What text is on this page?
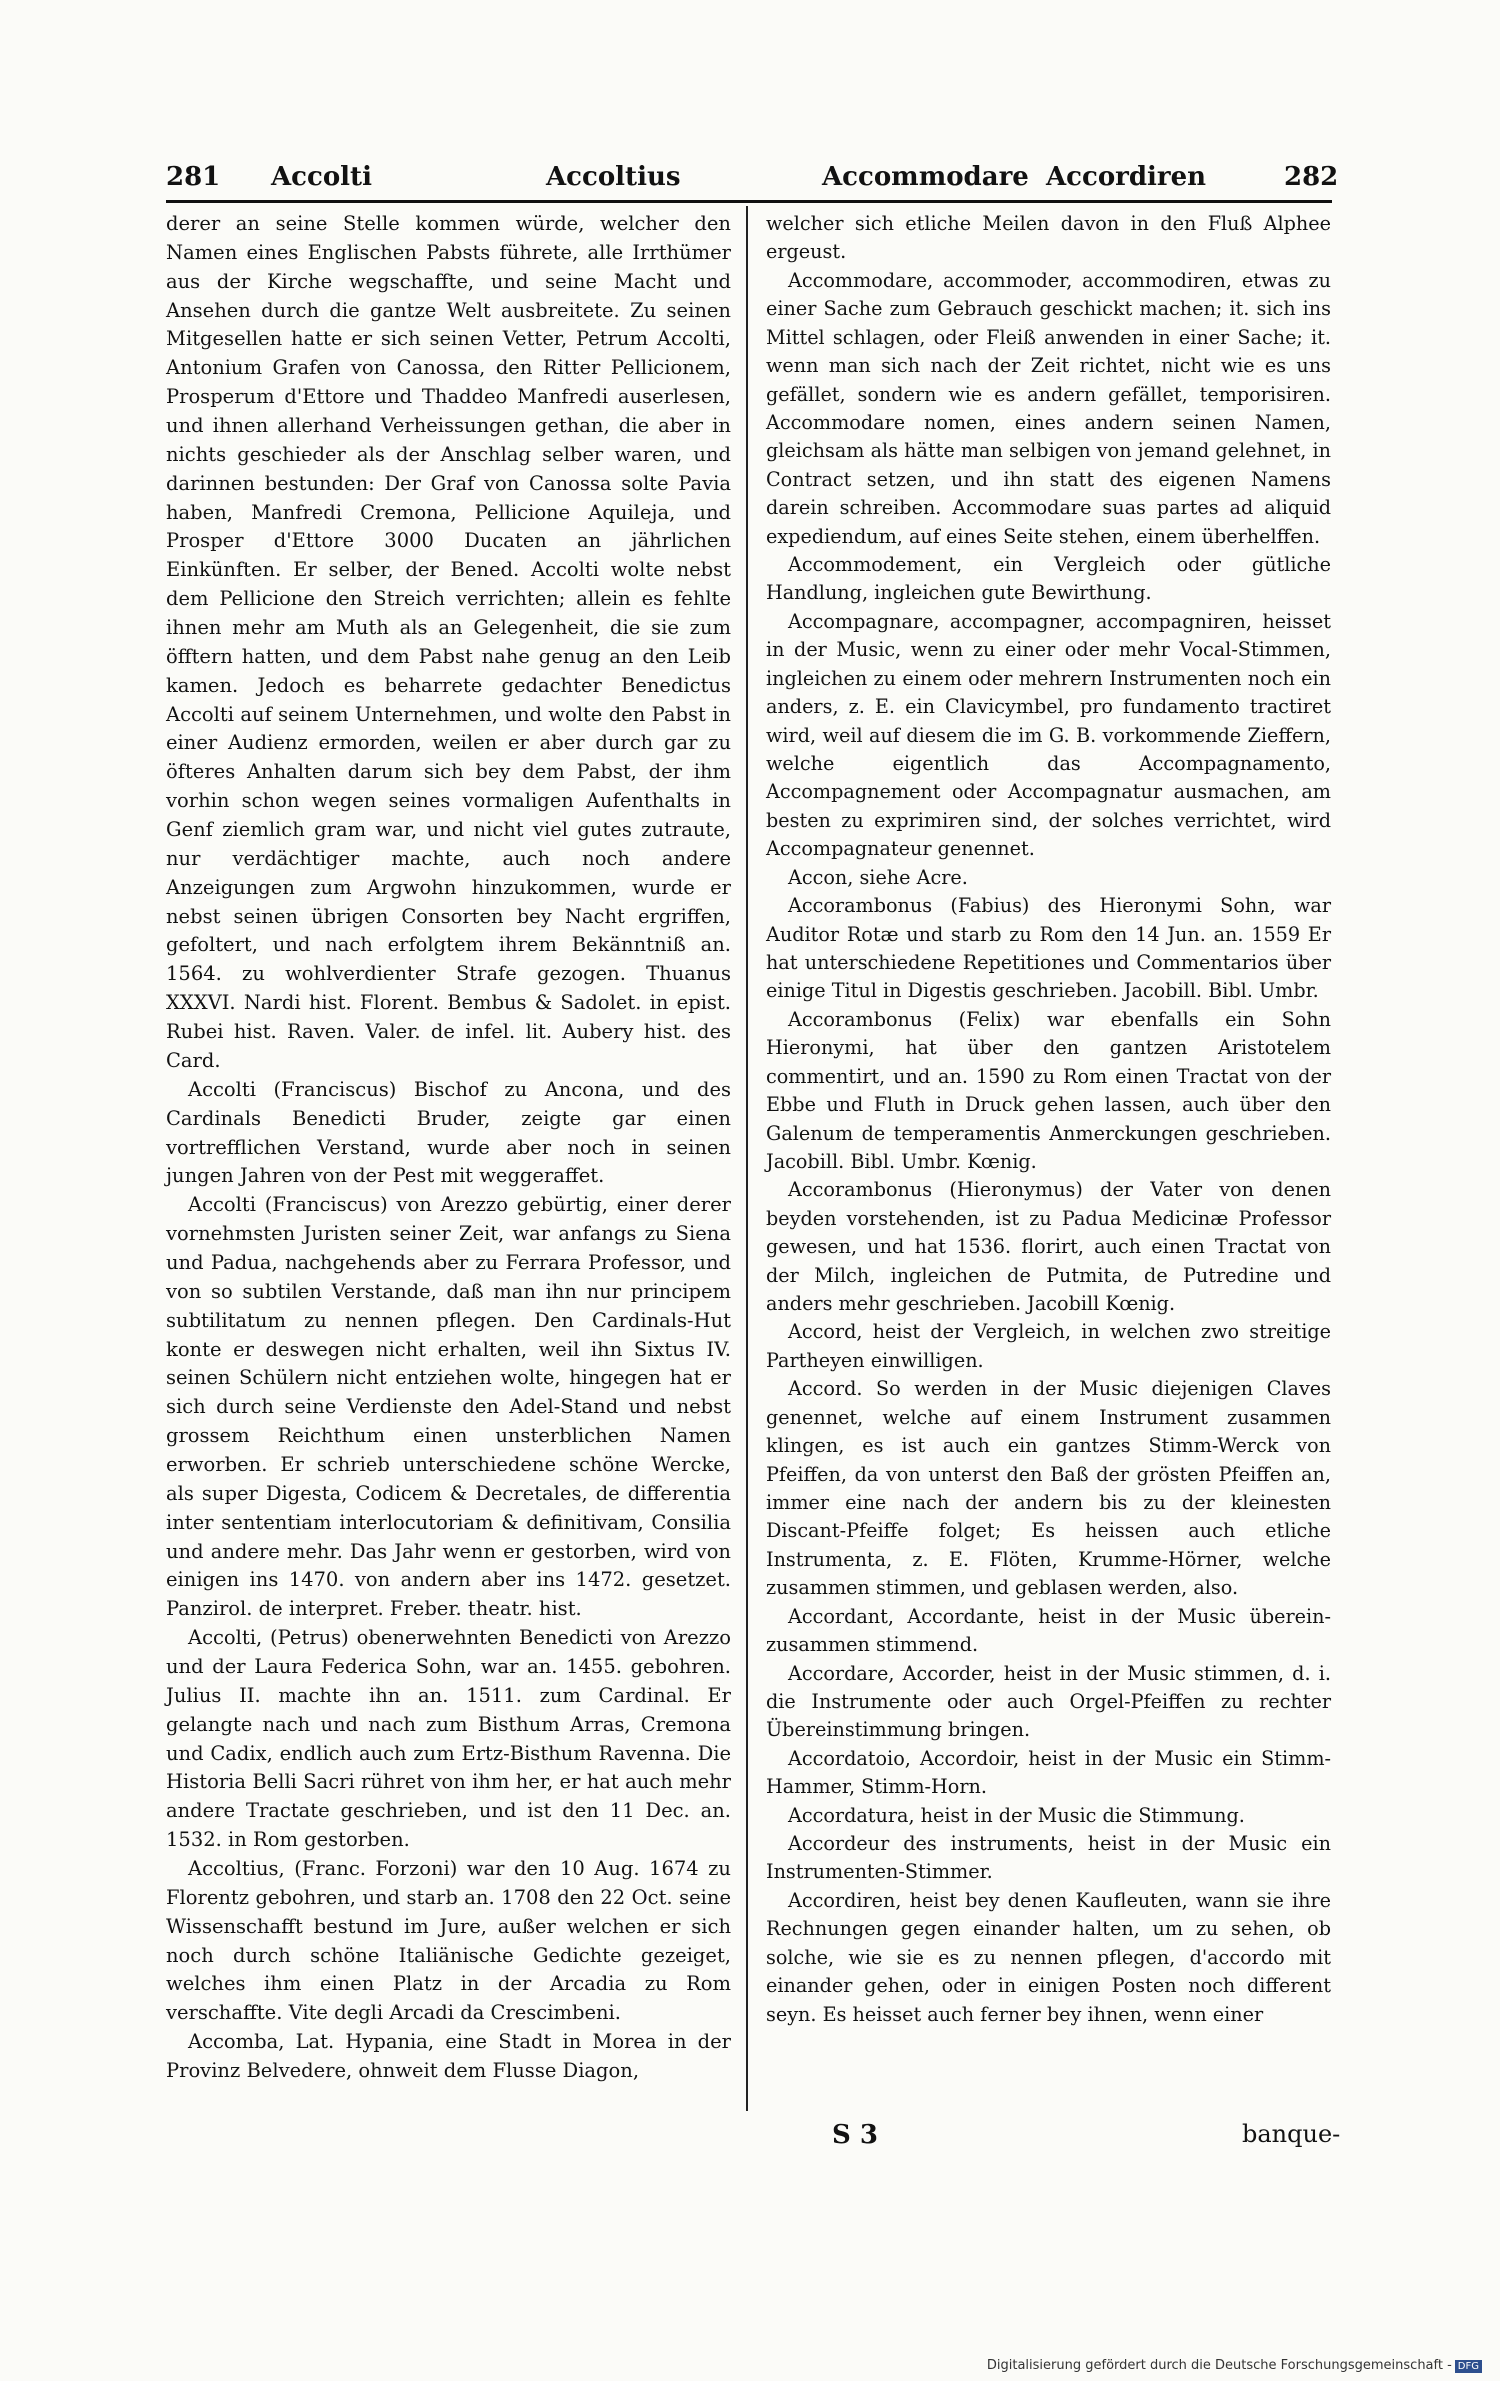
281 Accolti	Accoltius	Accommodare Accordiren	282

derer an seine Stelle kommen würde, welcher den Namen eines Englischen Pabsts führete, alle Irrthümer aus der Kirche wegschaffte, und seine Macht und Ansehen durch die gantze Welt ausbreitete. Zu seinen Mitgesellen hatte er sich seinen Vetter, Petrum Accolti, Antonium Grafen von Canossa, den Ritter Pellicionem, Prosperum d'Ettore und Thaddeo Manfredi auserlesen, und ihnen allerhand Verheissungen gethan, die aber in nichts geschieder als der Anschlag selber waren, und darinnen bestunden: Der Graf von Canossa solte Pavia haben, Manfredi Cremona, Pellicione Aquileja, und Prosper d'Ettore 3000 Ducaten an jährlichen Einkünften. Er selber, der Bened. Accolti wolte nebst dem Pellicione den Streich verrichten; allein es fehlte ihnen mehr am Muth als an Gelegenheit, die sie zum öfftern hatten, und dem Pabst nahe genug an den Leib kamen. Jedoch es beharrete gedachter Benedictus Accolti auf seinem Unternehmen, und wolte den Pabst in einer Audienz ermorden, weilen er aber durch gar zu öfteres Anhalten darum sich bey dem Pabst, der ihm vorhin schon wegen seines vormaligen Aufenthalts in Genf ziemlich gram war, und nicht viel gutes zutraute, nur verdächtiger machte, auch noch andere Anzeigungen zum Argwohn hinzukommen, wurde er nebst seinen übrigen Consorten bey Nacht ergriffen, gefoltert, und nach erfolgtem ihrem Bekänntniß an. 1564. zu wohlverdienter Strafe gezogen. Thuanus XXXVI. Nardi hist. Florent. Bembus & Sadolet. in epist. Rubei hist. Raven. Valer. de infel. lit. Aubery hist. des Card.

Accolti (Franciscus) Bischof zu Ancona, und des Cardinals Benedicti Bruder, zeigte gar einen vortrefflichen Verstand, wurde aber noch in seinen jungen Jahren von der Pest mit weggeraffet.

Accolti (Franciscus) von Arezzo gebürtig, einer derer vornehmsten Juristen seiner Zeit, war anfangs zu Siena und Padua, nachgehends aber zu Ferrara Professor, und von so subtilen Verstande, daß man ihn nur principem subtilitatum zu nennen pflegen. Den Cardinals-Hut konte er deswegen nicht erhalten, weil ihn Sixtus IV. seinen Schülern nicht entziehen wolte, hingegen hat er sich durch seine Verdienste den Adel-Stand und nebst grossem Reichthum einen unsterblichen Namen erworben. Er schrieb unterschiedene schöne Wercke, als super Digesta, Codicem & Decretales, de differentia inter sententiam interlocutoriam & definitivam, Consilia und andere mehr. Das Jahr wenn er gestorben, wird von einigen ins 1470. von andern aber ins 1472. gesetzet. Panzirol. de interpret. Freber. theatr. hist.

Accolti, (Petrus) obenerwehnten Benedicti von Arezzo und der Laura Federica Sohn, war an. 1455. gebohren. Julius II. machte ihn an. 1511. zum Cardinal. Er gelangte nach und nach zum Bisthum Arras, Cremona und Cadix, endlich auch zum Ertz-Bisthum Ravenna. Die Historia Belli Sacri rühret von ihm her, er hat auch mehr andere Tractate geschrieben, und ist den 11 Dec. an. 1532. in Rom gestorben.

Accoltius, (Franc. Forzoni) war den 10 Aug. 1674 zu Florentz gebohren, und starb an. 1708 den 22 Oct. seine Wissenschafft bestund im Jure, außer welchen er sich noch durch schöne Italiänische Gedichte gezeiget, welches ihm einen Platz in der Arcadia zu Rom verschaffte. Vite degli Arcadi da Crescimbeni.

Accomba, Lat. Hypania, eine Stadt in Morea in der Provinz Belvedere, ohnweit dem Flusse Diagon,

welcher sich etliche Meilen davon in den Fluß Alphee ergeust.

Accommodare, accommoder, accommodiren, etwas zu einer Sache zum Gebrauch geschickt machen; it. sich ins Mittel schlagen, oder Fleiß anwenden in einer Sache; it. wenn man sich nach der Zeit richtet, nicht wie es uns gefället, sondern wie es andern gefället, temporisiren. Accommodare nomen, eines andern seinen Namen, gleichsam als hätte man selbigen von jemand gelehnet, in Contract setzen, und ihn statt des eigenen Namens darein schreiben. Accommodare suas partes ad aliquid expediendum, auf eines Seite stehen, einem überhelffen.

Accommodement, ein Vergleich oder gütliche Handlung, ingleichen gute Bewirthung.

Accompagnare, accompagner, accompagniren, heisset in der Music, wenn zu einer oder mehr Vocal-Stimmen, ingleichen zu einem oder mehrern Instrumenten noch ein anders, z. E. ein Clavicymbel, pro fundamento tractiret wird, weil auf diesem die im G. B. vorkommende Zieffern, welche eigentlich das Accompagnamento, Accompagnement oder Accompagnatur ausmachen, am besten zu exprimiren sind, der solches verrichtet, wird Accompagnateur genennet.

Accon, siehe Acre.

Accorambonus (Fabius) des Hieronymi Sohn, war Auditor Rotæ und starb zu Rom den 14 Jun. an. 1559 Er hat unterschiedene Repetitiones und Commentarios über einige Titul in Digestis geschrieben. Jacobill. Bibl. Umbr.

Accorambonus (Felix) war ebenfalls ein Sohn Hieronymi, hat über den gantzen Aristotelem commentirt, und an. 1590 zu Rom einen Tractat von der Ebbe und Fluth in Druck gehen lassen, auch über den Galenum de temperamentis Anmerckungen geschrieben. Jacobill. Bibl. Umbr. Kœnig.

Accorambonus (Hieronymus) der Vater von denen beyden vorstehenden, ist zu Padua Medicinæ Professor gewesen, und hat 1536. florirt, auch einen Tractat von der Milch, ingleichen de Putmita, de Putredine und anders mehr geschrieben. Jacobill Kœnig.

Accord, heist der Vergleich, in welchen zwo streitige Partheyen einwilligen.

Accord. So werden in der Music diejenigen Claves genennet, welche auf einem Instrument zusammen klingen, es ist auch ein gantzes Stimm-Werck von Pfeiffen, da von unterst den Baß der grösten Pfeiffen an, immer eine nach der andern bis zu der kleinesten Discant-Pfeiffe folget; Es heissen auch etliche Instrumenta, z. E. Flöten, Krumme-Hörner, welche zusammen stimmen, und geblasen werden, also.

Accordant, Accordante, heist in der Music überein-zusammen stimmend.

Accordare, Accorder, heist in der Music stimmen, d. i. die Instrumente oder auch Orgel-Pfeiffen zu rechter Übereinstimmung bringen.

Accordatoio, Accordoir, heist in der Music ein Stimm-Hammer, Stimm-Horn.

Accordatura, heist in der Music die Stimmung.

Accordeur des instruments, heist in der Music ein Instrumenten-Stimmer.

Accordiren, heist bey denen Kaufleuten, wann sie ihre Rechnungen gegen einander halten, um zu sehen, ob solche, wie sie es zu nennen pflegen, d'accordo mit einander gehen, oder in einigen Posten noch different seyn. Es heisset auch ferner bey ihnen, wenn einer

S 3	banque-
Digitalisierung gefördert durch die Deutsche Forschungsgemeinschaft - DFG
